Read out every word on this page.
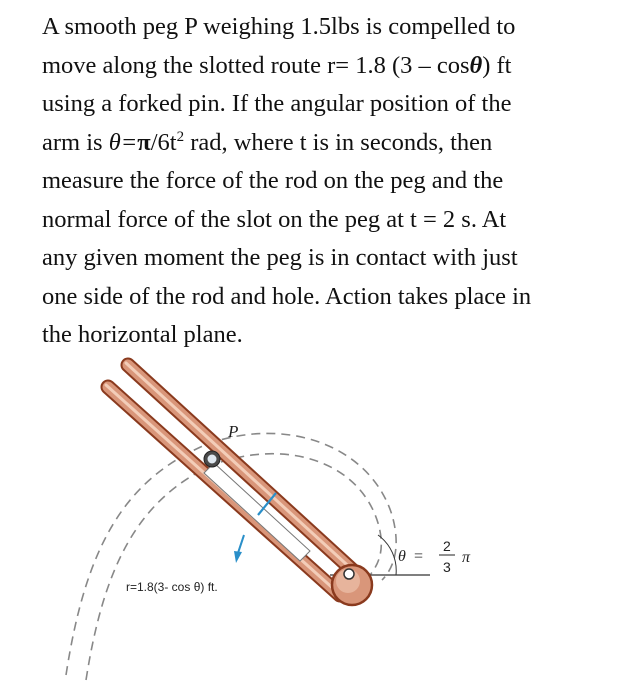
A smooth peg P weighing 1.5lbs is compelled to
move along the slotted route r= 1.8 (3 – cosθ) ft
using a forked pin. If the angular position of the
arm is $\theta=\pi/6t^2$ rad, where t is in seconds, then
measure the force of the rod on the peg and the
normal force of the slot on the peg at t = 2 s. At
any given moment the peg is in contact with just
one side of the rod and hole. Action takes place in
the horizontal plane.
P
θ =
2
3
π
r=1.8(3- cos θ) ft.
